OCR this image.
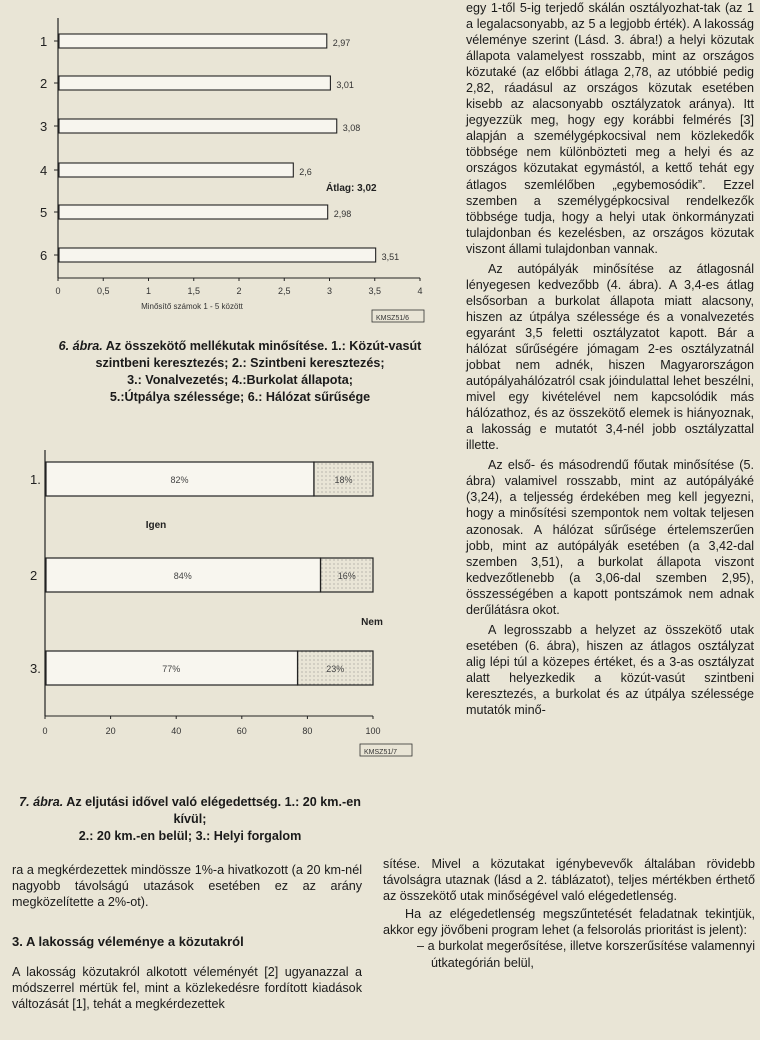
1	2,97
2	3,01
3	3,08
4	2,6
5	2,98
6	3,51
0	0,5	1	1,5	2	2,5	3	3,5	4
Minősítő számok 1 - 5 között
Átlag: 3,02
KMSZ51/6
6. ábra. Az összekötő mellékutak minősítése. 1.: Közút-vasút
szintbeni keresztezés; 2.: Szintbeni keresztezés;
3.: Vonalvezetés; 4.:Burkolat állapota;
5.:Útpálya szélessége; 6.: Hálózat sűrűsége
1.	82%	18%
2	84%	16%
3.	77%	23%
Igen
Nem
0	20	40	60	80	100
KMSZ51/7
7. ábra. Az eljutási idővel való elégedettség. 1.: 20 km.-en kívül;
2.: 20 km.-en belül; 3.: Helyi forgalom

egy 1-től 5-ig terjedő skálán osztályozhat-tak (az 1 a legalacsonyabb, az 5 a legjobb érték). A lakosság véleménye szerint (Lásd. 3. ábra!) a helyi közutak állapota valamelyest rosszabb, mint az országos közutaké (az előbbi átlaga 2,78, az utóbbié pedig 2,82, ráadásul az országos közutak esetében kisebb az alacsonyabb osztályzatok aránya). Itt jegyezzük meg, hogy egy korábbi felmérés [3] alapján a személygépkocsival nem közlekedők többsége nem különbözteti meg a helyi és az országos közutakat egymástól, a kettő tehát egy átlagos szemlélőben „egybemosódik”. Ezzel szemben a személygépkocsival rendelkezők többsége tudja, hogy a helyi utak önkormányzati tulajdonban és kezelésben, az országos közutak viszont állami tulajdonban vannak.

Az autópályák minősítése az átlagosnál lényegesen kedvezőbb (4. ábra). A 3,4-es átlag elsősorban a burkolat állapota miatt alacsony, hiszen az útpálya szélessége és a vonalvezetés egyaránt 3,5 feletti osztályzatot kapott. Bár a hálózat sűrűségére jómagam 2-es osztályzatnál jobbat nem adnék, hiszen Magyarországon autópályahálózatról csak jóindulattal lehet beszélni, mivel egy kivételével nem kapcsolódik más hálózathoz, és az összekötő elemek is hiányoznak, a lakosság e mutatót 3,4-nél jobb osztályzattal illette.

Az első- és másodrendű főutak minősítése (5. ábra) valamivel rosszabb, mint az autópályáké (3,24), a teljesség érdekében meg kell jegyezni, hogy a minősítési szempontok nem voltak teljesen azonosak. A hálózat sűrűsége értelemszerűen jobb, mint az autópályák esetében (a 3,42-dal szemben 3,51), a burkolat állapota viszont kedvezőtlenebb (a 3,06-dal szemben 2,95), összességében a kapott pontszámok nem adnak derűlátásra okot.

A legrosszabb a helyzet az összekötő utak esetében (6. ábra), hiszen az átlagos osztályzat alig lépi túl a közepes értéket, és a 3-as osztályzat alatt helyezkedik a közút-vasút szintbeni keresztezés, a burkolat és az útpálya szélessége mutatók minő-

ra a megkérdezettek mindössze 1%-a hivatkozott (a 20 km-nél nagyobb távolságú utazások esetében ez az arány megközelítette a 2%-ot).

3. A lakosság véleménye a közutakról

A lakosság közutakról alkotott véleményét [2] ugyanazzal a módszerrel mértük fel, mint a közlekedésre fordított kiadások változását [1], tehát a megkérdezettek

sítése. Mivel a közutakat igénybevevők általában rövidebb távolságra utaznak (lásd a 2. táblázatot), teljes mértékben érthető az összekötő utak minőségével való elégedetlenség.

Ha az elégedetlenség megszűntetését feladatnak tekintjük, akkor egy jövőbeni program lehet (a felsorolás prioritást is jelent):

– a burkolat megerősítése, illetve korszerűsítése valamennyi útkategórián belül,
